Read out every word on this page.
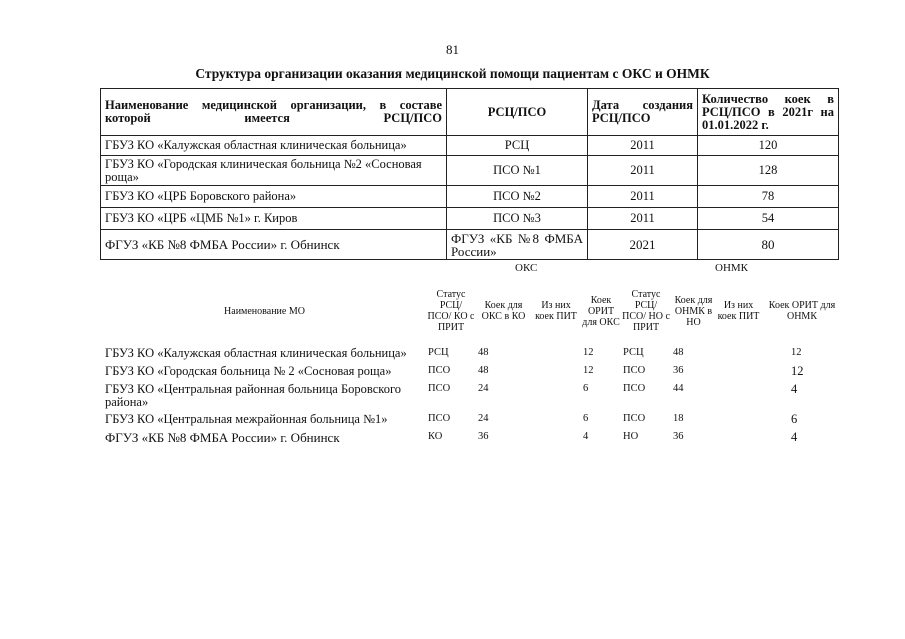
81
Структура организации оказания медицинской помощи пациентам с ОКС и ОНМК
Наименование медицинской организации, в составе которой имеется РСЦ/ПСО	РСЦ/ПСО	Дата создания РСЦ/ПСО	Количество коек в РСЦ/ПСО в 2021г на 01.01.2022 г.
ГБУЗ КО «Калужская областная клиническая больница»	РСЦ	2011	120
ГБУЗ КО «Городская клиническая больница №2 «Сосновая роща»	ПСО №1	2011	128
ГБУЗ КО «ЦРБ Боровского района»	ПСО №2	2011	78
ГБУЗ КО «ЦРБ «ЦМБ №1» г. Киров	ПСО №3	2011	54
ФГУЗ «КБ №8 ФМБА России» г. Обнинск	ФГУЗ «КБ №8 ФМБА России»	2021	80
ОКС	ОНМК
Наименование МО	Статус РСЦ/ ПСО/ КО с ПРИТ	Коек для ОКС в КО	Из них коек ПИТ	Коек ОРИТ для ОКС	Статус РСЦ/ ПСО/ НО с ПРИТ	Коек для ОНМК в НО	Из них коек ПИТ	Коек ОРИТ для ОНМК
ГБУЗ КО «Калужская областная клиническая больница»	РСЦ	48		12	РСЦ	48		12
ГБУЗ КО «Городская больница № 2 «Сосновая роща»	ПСО	48		12	ПСО	36		12
ГБУЗ КО «Центральная районная больница Боровского района»	ПСО	24		6	ПСО	44		4
ГБУЗ КО «Центральная межрайонная больница №1»	ПСО	24		6	ПСО	18		6
ФГУЗ «КБ №8 ФМБА России» г. Обнинск	КО	36		4	НО	36		4
